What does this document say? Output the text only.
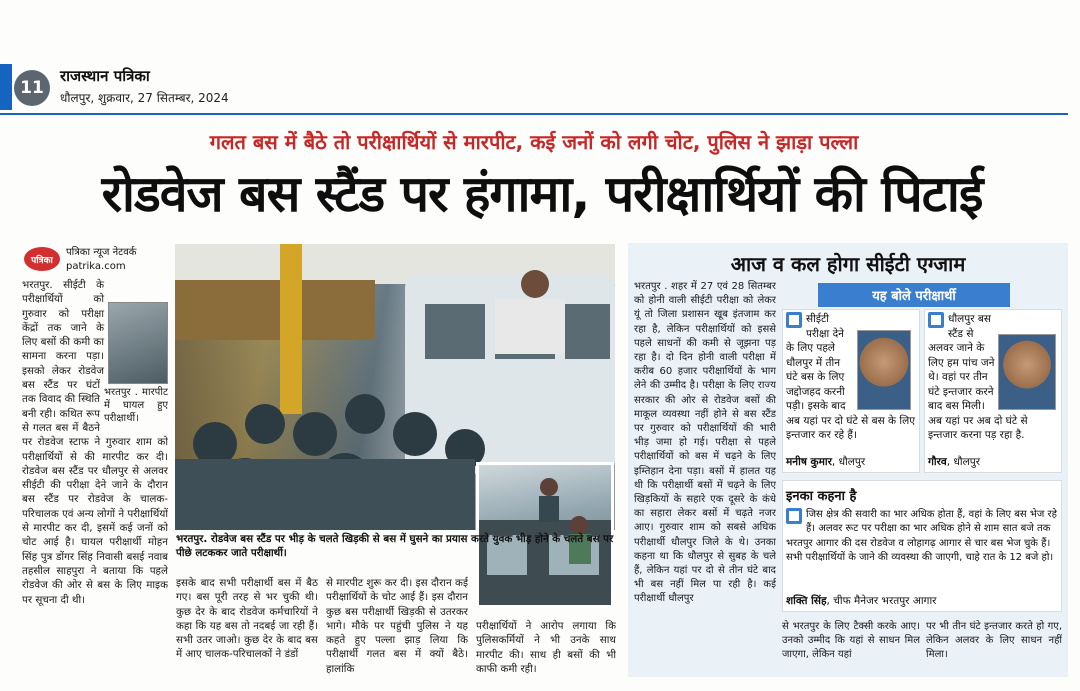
11
राजस्थान पत्रिका
धौलपुर, शुक्रवार, 27 सितम्बर, 2024
गलत बस में बैठे तो परीक्षार्थियों से मारपीट, कई जनों को लगी चोट, पुलिस ने झाड़ा पल्ला
रोडवेज बस स्टैंड पर हंगामा, परीक्षार्थियों की पिटाई
पत्रिका
पत्रिका न्यूज नेटवर्क
patrika.com
भरतपुर . मारपीट में घायल हुए परीक्षार्थी।
भरतपुर. सीईटी के परीक्षार्थियों को गुरुवार को परीक्षा केंद्रों तक जाने के लिए बसों की कमी का सामना करना पड़ा। इसको लेकर रोडवेज बस स्टैंड पर घंटों तक विवाद की स्थिति बनी रही। कथित रूप से गलत बस में बैठने पर रोडवेज स्टाफ ने गुरुवार शाम को परीक्षार्थियों से की मारपीट कर दी। रोडवेज बस स्टैंड पर धौलपुर से अलवर सीईटी की परीक्षा देने जाने के दौरान बस स्टैंड पर रोडवेज के चालक-परिचालक एवं अन्य लोगों ने परीक्षार्थियों से मारपीट कर दी, इसमें कई जनों को चोट आई है। घायल परीक्षार्थी मोहन सिंह पुत्र डोंगर सिंह निवासी बसई नवाब तहसील साहपुरा ने बताया कि पहले रोडवेज की ओर से बस के लिए माइक पर सूचना दी थी।
भरतपुर. रोडवेज बस स्टैंड पर भीड़ के चलते खिड़की से बस में घुसने का प्रयास करते युवक भीड़ होने के चलते बस पर पीछे लटककर जाते परीक्षार्थी।
इसके बाद सभी परीक्षार्थी बस में बैठ गए। बस पूरी तरह से भर चुकी थी। कुछ देर के बाद रोडवेज कर्मचारियों ने कहा कि यह बस तो नदबई जा रही हैं। सभी उतर जाओ। कुछ देर के बाद बस में आए चालक-परिचालकों ने डंडों
से मारपीट शुरू कर दी। इस दौरान कई परीक्षार्थियों के चोट आई हैं। इस दौरान कुछ बस परीक्षार्थी खिड़की से उतरकर भागे। मौके पर पहुंची पुलिस ने यह कहते हुए पल्ला झाड़ लिया कि परीक्षार्थी गलत बस में क्यों बैठे। हालांकि
परीक्षार्थियों ने आरोप लगाया कि पुलिसकर्मियों ने भी उनके साथ मारपीट की। साथ ही बसों की भी काफी कमी रही।
आज व कल होगा सीईटी एग्जाम
भरतपुर . शहर में 27 एवं 28 सितम्बर को होनी वाली सीईटी परीक्षा को लेकर यूं तो जिला प्रशासन खूब इंतजाम कर रहा है, लेकिन परीक्षार्थियों को इससे पहले साधनों की कमी से जूझना पड़ रहा है। दो दिन होनी वाली परीक्षा में करीब 60 हजार परीक्षार्थियों के भाग लेने की उम्मीद है। परीक्षा के लिए राज्य सरकार की ओर से रोडवेज बसों की माकूल व्यवस्था नहीं होने से बस स्टैंड पर गुरुवार को परीक्षार्थियों की भारी भीड़ जमा हो गई। परीक्षा से पहले परीक्षार्थियों को बस में चढ़ने के लिए इम्तिहान देना पड़ा। बसों में हालत यह थी कि परीक्षार्थी बसों में चढ़ने के लिए खिड़कियों के सहारे एक दूसरे के कंधे का सहारा लेकर बसों में चढ़ते नजर आए। गुरुवार शाम को सबसे अधिक परीक्षार्थी धौलपुर जिले के थे। उनका कहना था कि धौलपुर से सुबह के चले हैं, लेकिन यहां पर दो से तीन घंटे बाद भी बस नहीं मिल पा रही है। कई परीक्षार्थी धौलपुर
यह बोले परीक्षार्थी
सीईटी परीक्षा देने के लिए पहले धौलपुर में तीन घंटे बस के लिए जद्दोजहद करनी पड़ी। इसके बाद अब यहां पर दो घंटे से बस के लिए इन्तजार कर रहे हैं।
मनीष कुमार, धौलपुर
धौलपुर बस स्टैंड से अलवर जाने के लिए हम पांच जने थे। वहां पर तीन घंटे इन्तजार करने बाद बस मिली। अब यहां पर अब दो घंटे से इन्तजार करना पड़ रहा है.
गौरव, धौलपुर
इनका कहना है
जिस क्षेत्र की सवारी का भार अधिक होता हैं, वहां के लिए बस भेज रहे हैं। अलवर रूट पर परीक्षा का भार अधिक होने से शाम सात बजे तक भरतपुर आगार की दस रोडवेज व लोहागढ़ आगार से चार बस भेज चुके हैं। सभी परीक्षार्थियों के जाने की व्यवस्था की जाएगी, चाहे रात के 12 बजे हो।
शक्ति सिंह, चीफ मैनेजर भरतपुर आगार
से भरतपुर के लिए टैक्सी करके आए। उनको उम्मीद कि यहां से साधन मिल जाएगा, लेकिन यहां
पर भी तीन घंटे इन्तजार करते हो गए, लेकिन अलवर के लिए साधन नहीं मिला।
